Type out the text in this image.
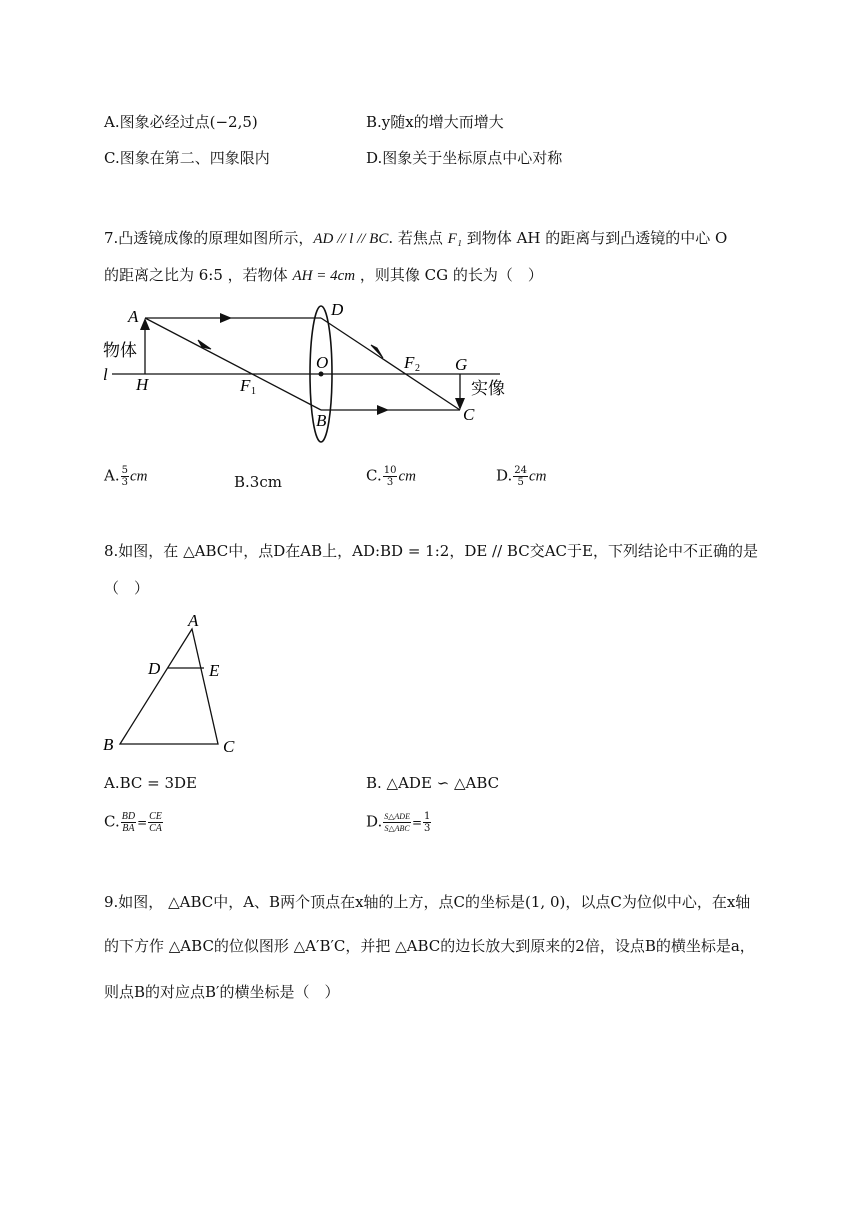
A.图象必经过点(−2,5)	B.y随x的增大而增大
C.图象在第二、四象限内	D.图象关于坐标原点中心对称
7.凸透镜成像的原理如图所示，AD // l // BC. 若焦点 F₁ 到物体 AH 的距离与到凸透镜的中心 O
的距离之比为 6:5 ，若物体 AH = 4cm ，则其像 CG 的长为（　）
A	D
O	F 2 G
l
H	F 1
B	C
物体
实像
A. $\frac{5}{3}$ cm	B.3cm	C. $\frac{10}{3}$ cm	D. $\frac{24}{5}$ cm
8.如图，在 △ABC中，点D在AB上，AD:BD = 1:2，DE // BC交AC于E，下列结论中不正确的是
（　）
A
D	E
B	C
A.BC = 3DE	B. △ADE ∽ △ABC
C. $\frac{BD}{BA} = \frac{CE}{CA}$	D. $\frac{\text{S△ADE}}{\text{S△ABC}} = \frac{1}{3}$
9.如图， △ABC中，A、B两个顶点在x轴的上方，点C的坐标是(1, 0)，以点C为位似中心，在x轴
的下方作 △ABC的位似图形 △A′B′C，并把 △ABC的边长放大到原来的2倍，设点B的横坐标是a，
则点B的对应点B′的横坐标是（　）
